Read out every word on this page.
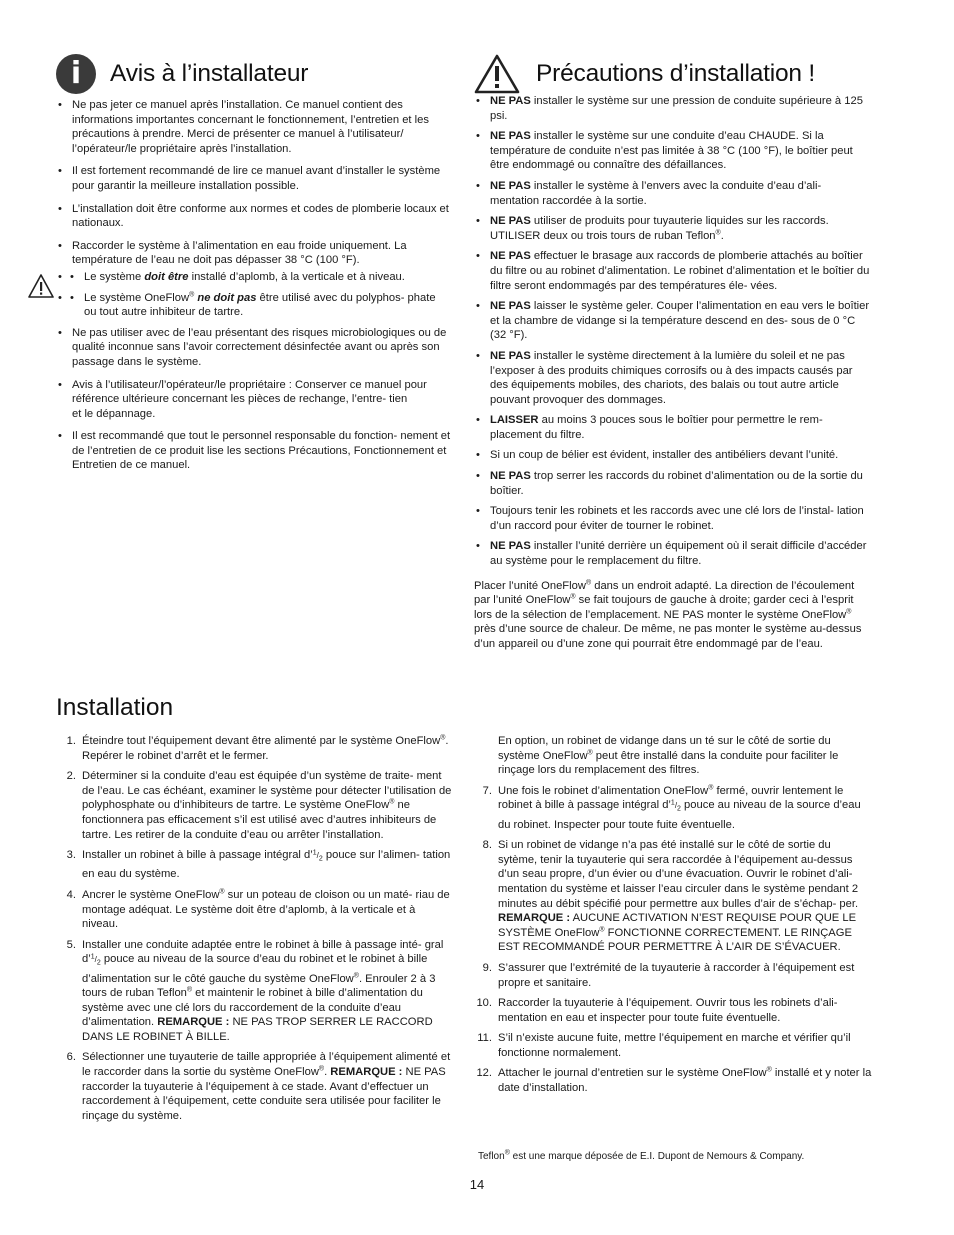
i	Avis à l’installateur
• Ne pas jeter ce manuel après l’installation. Ce manuel contient des informations importantes concernant le fonctionnement, l’entretien et les précautions à prendre. Merci de présenter ce manuel à l’utilisateur/ l’opérateur/le propriétaire après l’installation.
• Il est fortement recommandé de lire ce manuel avant d’installer le système pour garantir la meilleure installation possible.
• L’installation doit être conforme aux normes et codes de plomberie locaux et nationaux.
• Raccorder le système à l’alimentation en eau froide uniquement. La température de l’eau ne doit pas dépasser 38 °C (100 °F).
• • Le système doit être installé d’aplomb, à la verticale et à niveau.
• • Le système OneFlow® ne doit pas être utilisé avec du polyphos- phate ou tout autre inhibiteur de tartre.
• Ne pas utiliser avec de l’eau présentant des risques microbiologiques ou de qualité inconnue sans l’avoir correctement désinfectée avant ou après son passage dans le système.
• Avis à l’utilisateur/l’opérateur/le propriétaire : Conserver ce manuel pour référence ultérieure concernant les pièces de rechange, l’entre- tien
et le dépannage.
• Il est recommandé que tout le personnel responsable du fonction- nement et de l’entretien de ce produit lise les sections Précautions, Fonctionnement et Entretien de ce manuel.
Précautions d’installation !
• NE PAS installer le système sur une pression de conduite supérieure à 125 psi.
• NE PAS installer le système sur une conduite d’eau CHAUDE. Si la température de conduite n’est pas limitée à 38 °C (100 °F), le boîtier peut être endommagé ou connaître des défaillances.
• NE PAS installer le système à l’envers avec la conduite d’eau d’ali- mentation raccordée à la sortie.
• NE PAS utiliser de produits pour tuyauterie liquides sur les raccords. UTILISER deux ou trois tours de ruban Teflon®.
• NE PAS effectuer le brasage aux raccords de plomberie attachés au boîtier du filtre ou au robinet d’alimentation. Le robinet d’alimentation et le boîtier du filtre seront endommagés par des températures éle- vées.
• NE PAS laisser le système geler. Couper l’alimentation en eau vers le boîtier et la chambre de vidange si la température descend en des- sous de 0 °C (32 °F).
• NE PAS installer le système directement à la lumière du soleil et ne pas l’exposer à des produits chimiques corrosifs ou à des impacts causés par des équipements mobiles, des chariots, des balais ou tout autre article pouvant provoquer des dommages.
• LAISSER au moins 3 pouces sous le boîtier pour permettre le rem- placement du filtre.
• Si un coup de bélier est évident, installer des antibéliers devant l’unité.
• NE PAS trop serrer les raccords du robinet d’alimentation ou de la sortie du boîtier.
• Toujours tenir les robinets et les raccords avec une clé lors de l’instal- lation d’un raccord pour éviter de tourner le robinet.
• NE PAS installer l’unité derrière un équipement où il serait difficile d’accéder au système pour le remplacement du filtre.

Placer l’unité OneFlow® dans un endroit adapté. La direction de l’écoulement par l’unité OneFlow® se fait toujours de gauche à droite; garder ceci à l’esprit lors de la sélection de l’emplacement. NE PAS monter le système OneFlow® près d’une source de chaleur. De même, ne pas monter le système au-dessus d’un appareil ou d’une zone qui pourrait être endommagé par de l’eau.

Installation
1. Éteindre tout l’équipement devant être alimenté par le système OneFlow®. Repérer le robinet d’arrêt et le fermer.
2. Déterminer si la conduite d’eau est équipée d’un système de traite- ment de l’eau. Le cas échéant, examiner le système pour détecter l’utilisation de polyphosphate ou d’inhibiteurs de tartre. Le système OneFlow® ne fonctionnera pas efficacement s’il est utilisé avec d’autres inhibiteurs de tartre. Les retirer de la conduite d’eau ou arrêter l’installation.
3. Installer un robinet à bille à passage intégral $d’^1/_2$ pouce sur l’alimen- tation en eau du système.
4. Ancrer le système OneFlow® sur un poteau de cloison ou un maté- riau de montage adéquat. Le système doit être d’aplomb, à la verticale et à niveau.
5. Installer une conduite adaptée entre le robinet à bille à passage inté- gral $d’^1/_2$ pouce au niveau de la source d’eau du robinet et le robinet à bille d’alimentation sur le côté gauche du système OneFlow®. Enrouler 2 à 3 tours de ruban Teflon® et maintenir le robinet à bille d’alimentation du système avec une clé lors du raccordement de la conduite d’eau d’alimentation. REMARQUE : NE PAS TROP SERRER LE RACCORD DANS LE ROBINET À BILLE.
6. Sélectionner une tuyauterie de taille appropriée à l’équipement alimenté et le raccorder dans la sortie du système OneFlow®. REMARQUE : NE PAS raccorder la tuyauterie à l’équipement à ce stade. Avant d’effectuer un raccordement à l’équipement, cette conduite sera utilisée pour faciliter le rinçage du système.

En option, un robinet de vidange dans un té sur le côté de sortie du système OneFlow® peut être installé dans la conduite pour faciliter le rinçage lors du remplacement des filtres.

7. Une fois le robinet d’alimentation OneFlow® fermé, ouvrir lentement le robinet à bille à passage intégral $d’^1/_2$ pouce au niveau de la source d’eau du robinet. Inspecter pour toute fuite éventuelle.
8. Si un robinet de vidange n’a pas été installé sur le côté de sortie du sytème, tenir la tuyauterie qui sera raccordée à l’équipement au-dessus d’un seau propre, d’un évier ou d’une évacuation. Ouvrir le robinet d’ali- mentation du système et laisser l’eau circuler dans le système pendant 2 minutes au débit spécifié pour permettre aux bulles d’air de s’échap- per. REMARQUE : AUCUNE ACTIVATION N’EST REQUISE POUR QUE LE SYSTÈME OneFlow® FONCTIONNE CORRECTEMENT. LE RINÇAGE EST RECOMMANDÉ POUR PERMETTRE À L’AIR DE S’ÉVACUER.
9. S’assurer que l’extrémité de la tuyauterie à raccorder à l’équipement est propre et sanitaire.
10. Raccorder la tuyauterie à l’équipement. Ouvrir tous les robinets d’ali- mentation en eau et inspecter pour toute fuite éventuelle.
11. S’il n’existe aucune fuite, mettre l’équipement en marche et vérifier qu’il fonctionne normalement.
12. Attacher le journal d’entretien sur le système OneFlow® installé et y noter la date d’installation.
Teflon® est une marque déposée de E.I. Dupont de Nemours & Company.
14
